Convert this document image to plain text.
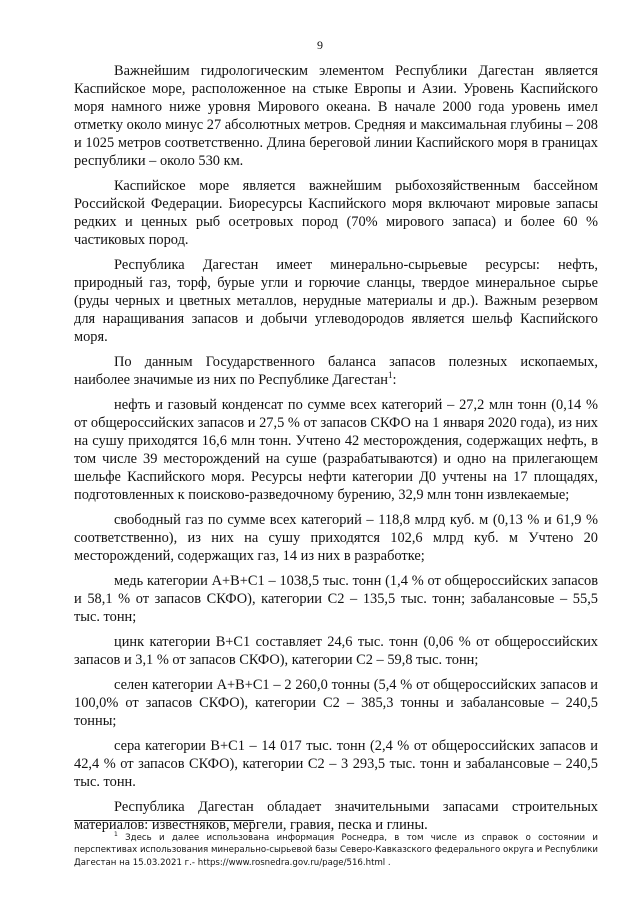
9

Важнейшим гидрологическим элементом Республики Дагестан является Каспийское море, расположенное на стыке Европы и Азии. Уровень Каспийского моря намного ниже уровня Мирового океана. В начале 2000 года уровень имел отметку около минус 27 абсолютных метров. Средняя и максимальная глубины – 208 и 1025 метров соответственно. Длина береговой линии Каспийского моря в границах республики – около 530 км.

Каспийское море является важнейшим рыбохозяйственным бассейном Российской Федерации. Биоресурсы Каспийского моря включают мировые запасы редких и ценных рыб осетровых пород (70% мирового запаса) и более 60 % частиковых пород.

Республика Дагестан имеет минерально-сырьевые ресурсы: нефть, природный газ, торф, бурые угли и горючие сланцы, твердое минеральное сырье (руды черных и цветных металлов, нерудные материалы и др.). Важным резервом для наращивания запасов и добычи углеводородов является шельф Каспийского моря.

По данным Государственного баланса запасов полезных ископаемых, наиболее значимые из них по Республике Дагестан$^1$:

нефть и газовый конденсат по сумме всех категорий – 27,2 млн тонн (0,14 % от общероссийских запасов и 27,5 % от запасов СКФО на 1 января 2020 года), из них на сушу приходятся 16,6 млн тонн. Учтено 42 месторождения, содержащих нефть, в том числе 39 месторождений на суше (разрабатываются) и одно на прилегающем шельфе Каспийского моря. Ресурсы нефти категории Д0 учтены на 17 площадях, подготовленных к поисково-разведочному бурению, 32,9 млн тонн извлекаемые;

свободный газ по сумме всех категорий – 118,8 млрд куб. м (0,13 % и 61,9 % соответственно), из них на сушу приходятся 102,6 млрд куб. м Учтено 20 месторождений, содержащих газ, 14 из них в разработке;

медь категории А+В+С1 – 1038,5 тыс. тонн (1,4 % от общероссийских запасов и 58,1 % от запасов СКФО), категории С2 – 135,5 тыс. тонн; забалансовые – 55,5 тыс. тонн;

цинк категории В+С1 составляет 24,6 тыс. тонн (0,06 % от общероссийских запасов и 3,1 % от запасов СКФО), категории С2 – 59,8 тыс. тонн;

селен категории А+В+С1 – 2 260,0 тонны (5,4 % от общероссийских запасов и 100,0% от запасов СКФО), категории С2 – 385,3 тонны и забалансовые – 240,5 тонны;

сера категории В+С1 – 14 017 тыс. тонн (2,4 % от общероссийских запасов и 42,4 % от запасов СКФО), категории С2 – 3 293,5 тыс. тонн и забалансовые – 240,5 тыс. тонн.

Республика Дагестан обладает значительными запасами строительных материалов: известняков, мергели, гравия, песка и глины.

$^1$ Здесь и далее использована информация Роснедра, в том числе из справок о состоянии и перспективах использования минерально-сырьевой базы Северо-Кавказского федерального округа и Республики Дагестан на 15.03.2021 г.- https://www.rosnedra.gov.ru/page/516.html .
